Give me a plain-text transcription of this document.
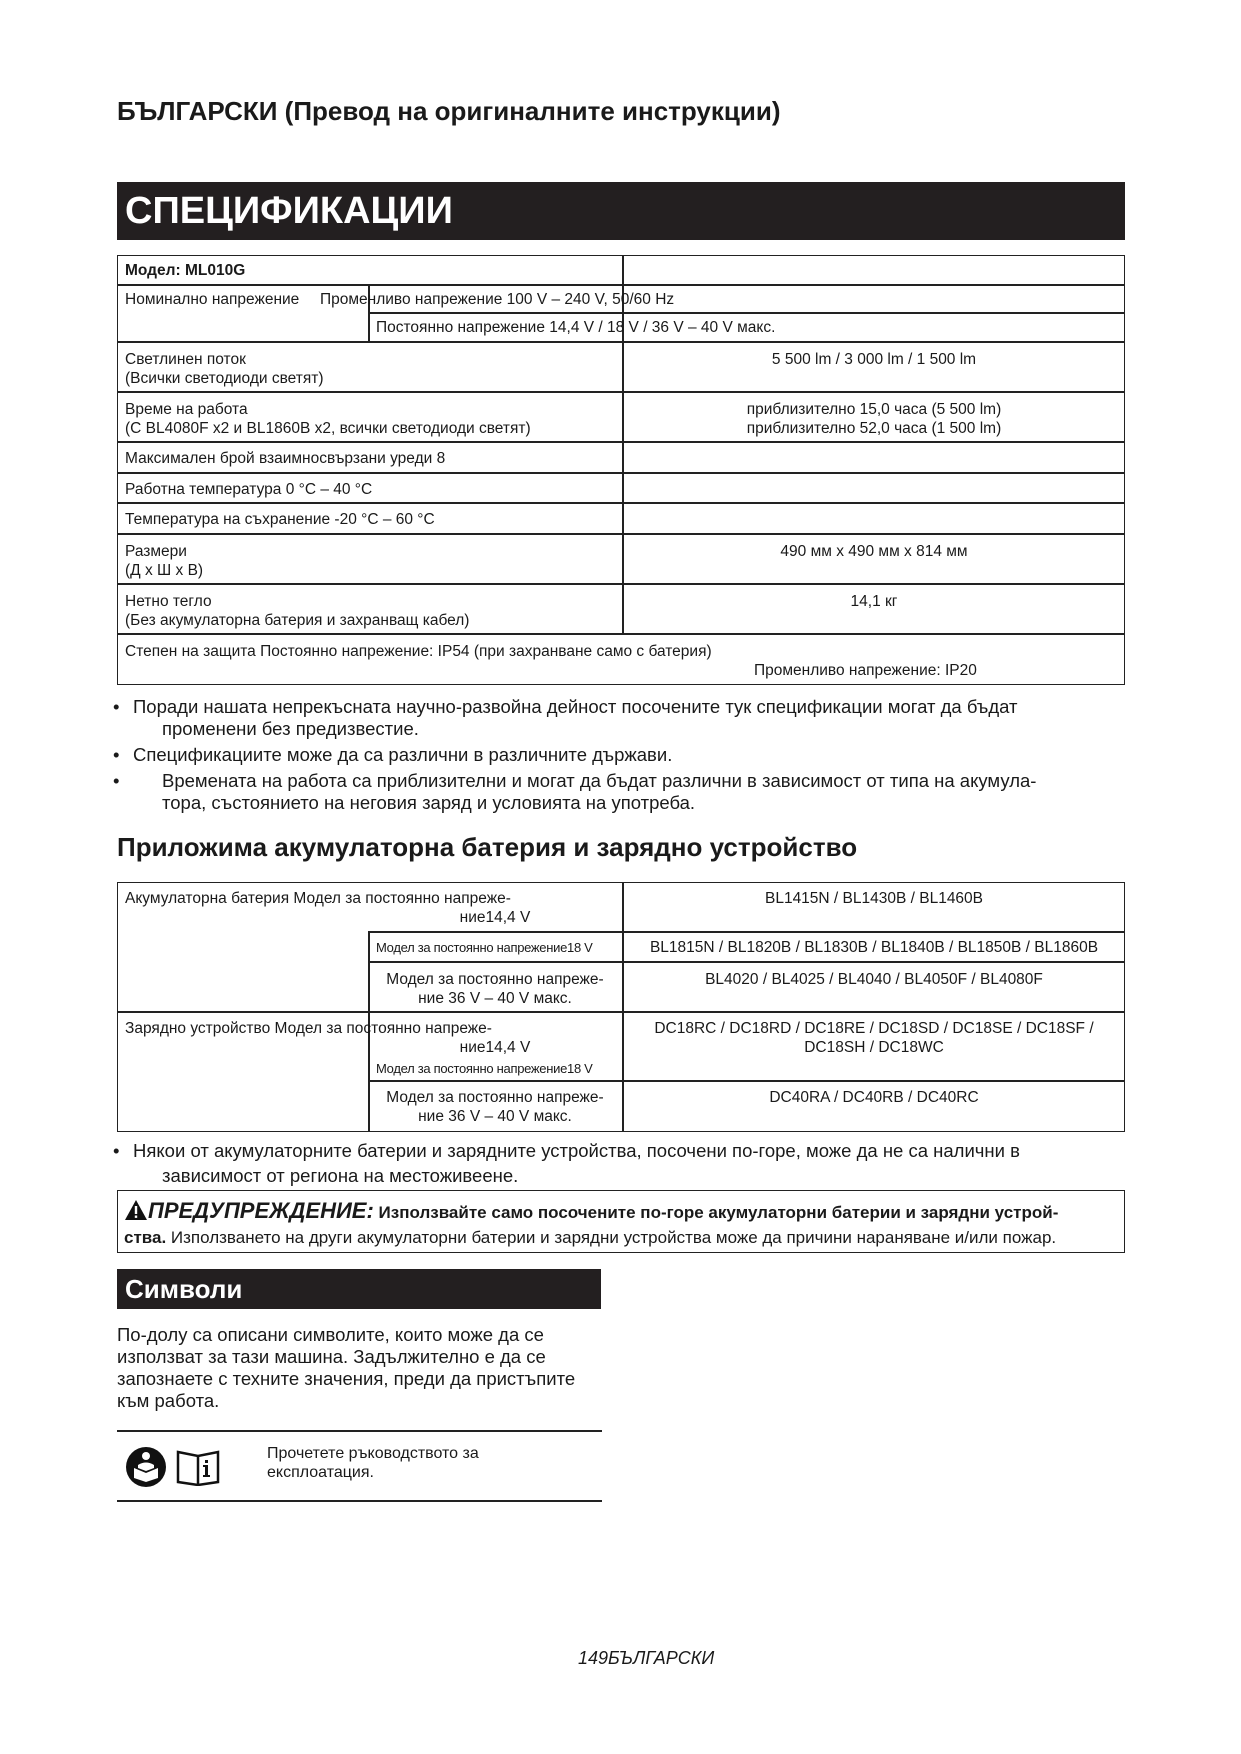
БЪЛГАРСКИ (Превод на оригиналните инструкции)
СПЕЦИФИКАЦИИ
Модел: ML010G
Номинално напрежение Променливо напрежение 100 V – 240 V, 50/60 Hz
Постоянно напрежение 14,4 V / 18 V / 36 V – 40 V макс.
Светлинен поток
(Всички светодиоди светят)
5 500 lm / 3 000 lm / 1 500 lm
Време на работа
(С BL4080F x2 и BL1860B x2, всички светодиоди светят)
приблизително 15,0 часа (5 500 lm)
приблизително 52,0 часа (1 500 lm)
Максимален брой взаимносвързани уреди 8
Работна температура 0 °C – 40 °C
Температура на съхранение -20 °C – 60 °C
Размери
(Д x Ш x В)
490 мм x 490 мм x 814 мм
Нетно тегло
(Без акумулаторна батерия и захранващ кабел)
14,1 кг
Степен на защита Постоянно напрежение: IP54 (при захранване само с батерия)
Променливо напрежение: IP20
• Поради нашата непрекъсната научно-развойна дейност посочените тук спецификации могат да бъдат
променени без предизвестие.
• Спецификациите може да са различни в различните държави.
• Времената на работа са приблизителни и могат да бъдат различни в зависимост от типа на акумула-
тора, състоянието на неговия заряд и условията на употреба.
Приложима акумулаторна батерия и зарядно устройство
Акумулаторна батерия Модел за постоянно напреже-
ние14,4 V
BL1415N / BL1430B / BL1460B
Модел за постоянно напрежение18 V	BL1815N / BL1820B / BL1830B / BL1840B / BL1850B / BL1860B
Модел за постоянно напреже-
ние 36 V – 40 V макс.
BL4020 / BL4025 / BL4040 / BL4050F / BL4080F
Зарядно устройство Модел за постоянно напреже-
ние14,4 V
Модел за постоянно напрежение18 V
DC18RC / DC18RD / DC18RE / DC18SD / DC18SE / DC18SF /
DC18SH / DC18WC
Модел за постоянно напреже-
ние 36 V – 40 V макс.
DC40RA / DC40RB / DC40RC
• Някои от акумулаторните батерии и зарядните устройства, посочени по-горе, може да не са налични в
зависимост от региона на местоживеене.
ПРЕДУПРЕЖДЕНИЕ: Използвайте само посочените по-горе акумулаторни батерии и зарядни устрой-
ства. Използването на други акумулаторни батерии и зарядни устройства може да причини нараняване и/или пожар.
Символи
По-долу са описани символите, които може да се
използват за тази машина. Задължително е да се
запознаете с техните значения, преди да пристъпите
към работа.
Прочетете ръководството за
експлоатация.
149БЪЛГАРСКИ
